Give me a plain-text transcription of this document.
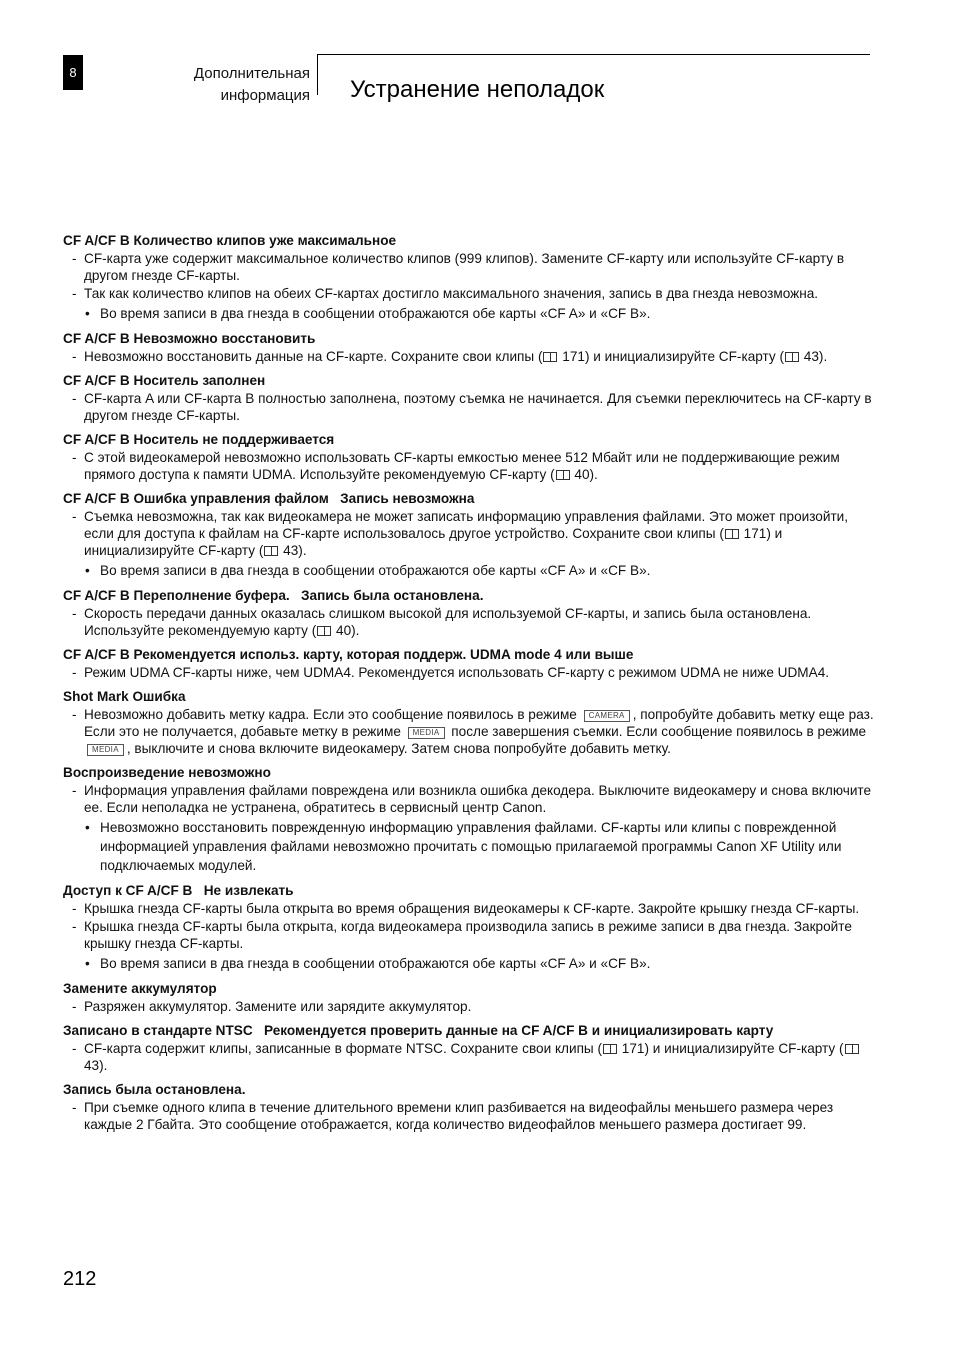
8	Дополнительная
информация Устранение неполадок
CF A/CF B Количество клипов уже максимальное
- CF-карта уже содержит максимальное количество клипов (999 клипов). Замените CF-карту или используйте CF-карту в другом гнезде CF-карты.
- Так как количество клипов на обеих CF-картах достигло максимального значения, запись в два гнезда невозможна.
• Во время записи в два гнезда в сообщении отображаются обе карты «CF A» и «CF B».
CF A/CF B Невозможно восстановить
- Невозможно восстановить данные на CF-карте. Сохраните свои клипы ( 171) и инициализируйте CF-карту ( 43).
CF A/CF B Носитель заполнен
- CF-карта A или CF-карта B полностью заполнена, поэтому съемка не начинается. Для съемки переключитесь на CF-карту в другом гнезде CF-карты.
CF A/CF B Носитель не поддерживается
- С этой видеокамерой невозможно использовать CF-карты емкостью менее 512 Мбайт или не поддерживающие режим прямого доступа к памяти UDMA. Используйте рекомендуемую CF-карту ( 40).
CF A/CF B Ошибка управления файлом   Запись невозможна
- Съемка невозможна, так как видеокамера не может записать информацию управления файлами. Это может произойти, если для доступа к файлам на CF-карте использовалось другое устройство. Сохраните свои клипы ( 171) и инициализируйте CF-карту ( 43).
• Во время записи в два гнезда в сообщении отображаются обе карты «CF A» и «CF B».
CF A/CF B Переполнение буфера.   Запись была остановлена.
- Скорость передачи данных оказалась слишком высокой для используемой CF-карты, и запись была остановлена. Используйте рекомендуемую карту ( 40).
CF A/CF B Рекомендуется использ. карту, которая поддерж. UDMA mode 4 или выше
- Режим UDMA CF-карты ниже, чем UDMA4. Рекомендуется использовать CF-карту с режимом UDMA не ниже UDMA4.
Shot Mark Ошибка
- Невозможно добавить метку кадра. Если это сообщение появилось в режиме CAMERA , попробуйте добавить метку еще раз. Если это не получается, добавьте метку в режиме MEDIA после завершения съемки. Если сообщение появилось в режиме MEDIA , выключите и снова включите видеокамеру. Затем снова попробуйте добавить метку.
Воспроизведение невозможно
- Информация управления файлами повреждена или возникла ошибка декодера. Выключите видеокамеру и снова включите ее. Если неполадка не устранена, обратитесь в сервисный центр Canon.
• Невозможно восстановить поврежденную информацию управления файлами. CF-карты или клипы с поврежденной информацией управления файлами невозможно прочитать с помощью прилагаемой программы Canon XF Utility или подключаемых модулей.
Доступ к CF A/CF B   Не извлекать
- Крышка гнезда CF-карты была открыта во время обращения видеокамеры к CF-карте. Закройте крышку гнезда CF-карты.
- Крышка гнезда CF-карты была открыта, когда видеокамера производила запись в режиме записи в два гнезда. Закройте крышку гнезда CF-карты.
• Во время записи в два гнезда в сообщении отображаются обе карты «CF A» и «CF B».
Замените аккумулятор
- Разряжен аккумулятор. Замените или зарядите аккумулятор.
Записано в стандарте NTSC   Рекомендуется проверить данные на CF A/CF B и инициализировать карту
- CF-карта содержит клипы, записанные в формате NTSC. Сохраните свои клипы ( 171) и инициализируйте CF-карту ( 43).
Запись была остановлена.
- При съемке одного клипа в течение длительного времени клип разбивается на видеофайлы меньшего размера через каждые 2 Гбайта. Это сообщение отображается, когда количество видеофайлов меньшего размера достигает 99.
212
